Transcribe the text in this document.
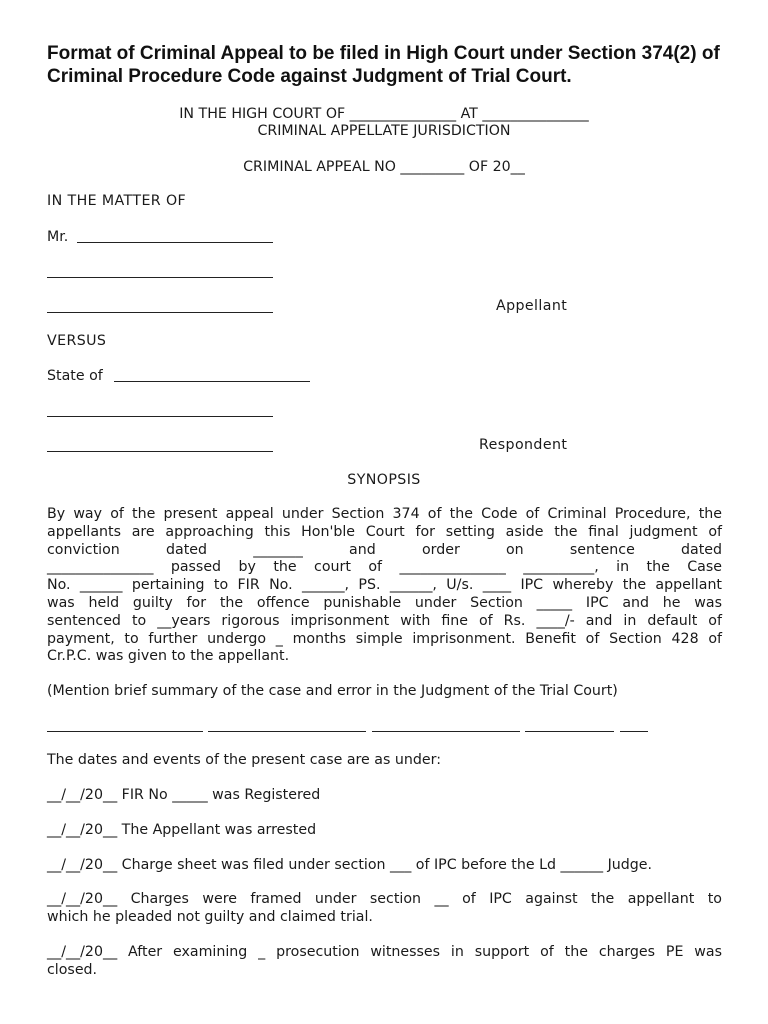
Format of Criminal Appeal to be filed in High Court under Section 374(2) of Criminal Procedure Code against Judgment of Trial Court.
IN THE HIGH COURT OF _______________ AT _______________
CRIMINAL APPELLATE JURISDICTION
CRIMINAL APPEAL NO _________ OF 20__
IN THE MATTER OF
Mr.
Appellant
VERSUS
State of
Respondent
SYNOPSIS
By way of the present appeal under Section 374 of the Code of Criminal Procedure, the
appellants are approaching this Hon'ble Court for setting aside the final judgment of
conviction dated _______ and order on sentence dated
_______________ passed by the court of _______________ __________, in the Case
No. ______ pertaining to FIR No. ______, PS. ______, U/s. ____ IPC whereby the appellant
was held guilty for the offence punishable under Section _____ IPC and he was
sentenced to __years rigorous imprisonment with fine of Rs. ____/- and in default of
payment, to further undergo _ months simple imprisonment. Benefit of Section 428 of
Cr.P.C. was given to the appellant.
(Mention brief summary of the case and error in the Judgment of the Trial Court)
The dates and events of the present case are as under:
__/__/20__ FIR No _____ was Registered
__/__/20__ The Appellant was arrested
__/__/20__ Charge sheet was filed under section ___ of IPC before the Ld ______ Judge.
__/__/20__ Charges were framed under section __ of IPC against the appellant to
which he pleaded not guilty and claimed trial.
__/__/20__ After examining _ prosecution witnesses in support of the charges PE was
closed.
